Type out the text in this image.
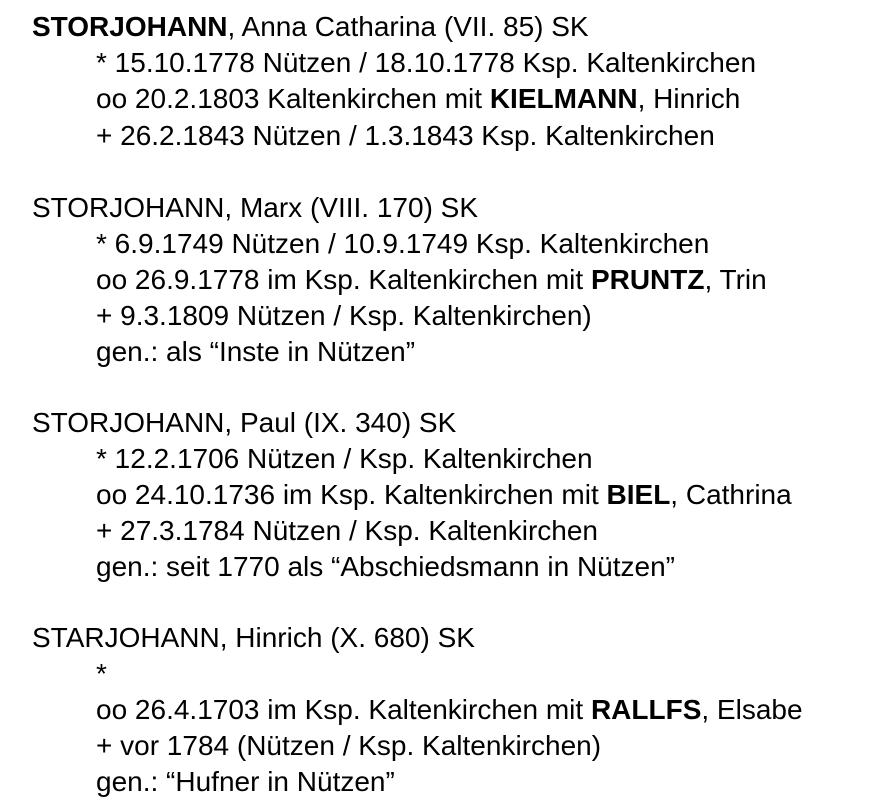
STORJOHANN, Anna Catharina (VII. 85) SK
* 15.10.1778 Nützen / 18.10.1778 Ksp. Kaltenkirchen
oo 20.2.1803 Kaltenkirchen mit KIELMANN, Hinrich
+ 26.2.1843 Nützen / 1.3.1843 Ksp. Kaltenkirchen
STORJOHANN, Marx (VIII. 170) SK
* 6.9.1749 Nützen / 10.9.1749 Ksp. Kaltenkirchen
oo 26.9.1778 im Ksp. Kaltenkirchen mit PRUNTZ, Trin
+ 9.3.1809 Nützen / Ksp. Kaltenkirchen)
gen.: als “Inste in Nützen”
STORJOHANN, Paul (IX. 340) SK
* 12.2.1706 Nützen / Ksp. Kaltenkirchen
oo 24.10.1736 im Ksp. Kaltenkirchen mit BIEL, Cathrina
+ 27.3.1784 Nützen / Ksp. Kaltenkirchen
gen.: seit 1770 als “Abschiedsmann in Nützen”
STARJOHANN, Hinrich (X. 680) SK
*
oo 26.4.1703 im Ksp. Kaltenkirchen mit RALLFS, Elsabe
+ vor 1784 (Nützen / Ksp. Kaltenkirchen)
gen.: “Hufner in Nützen”
